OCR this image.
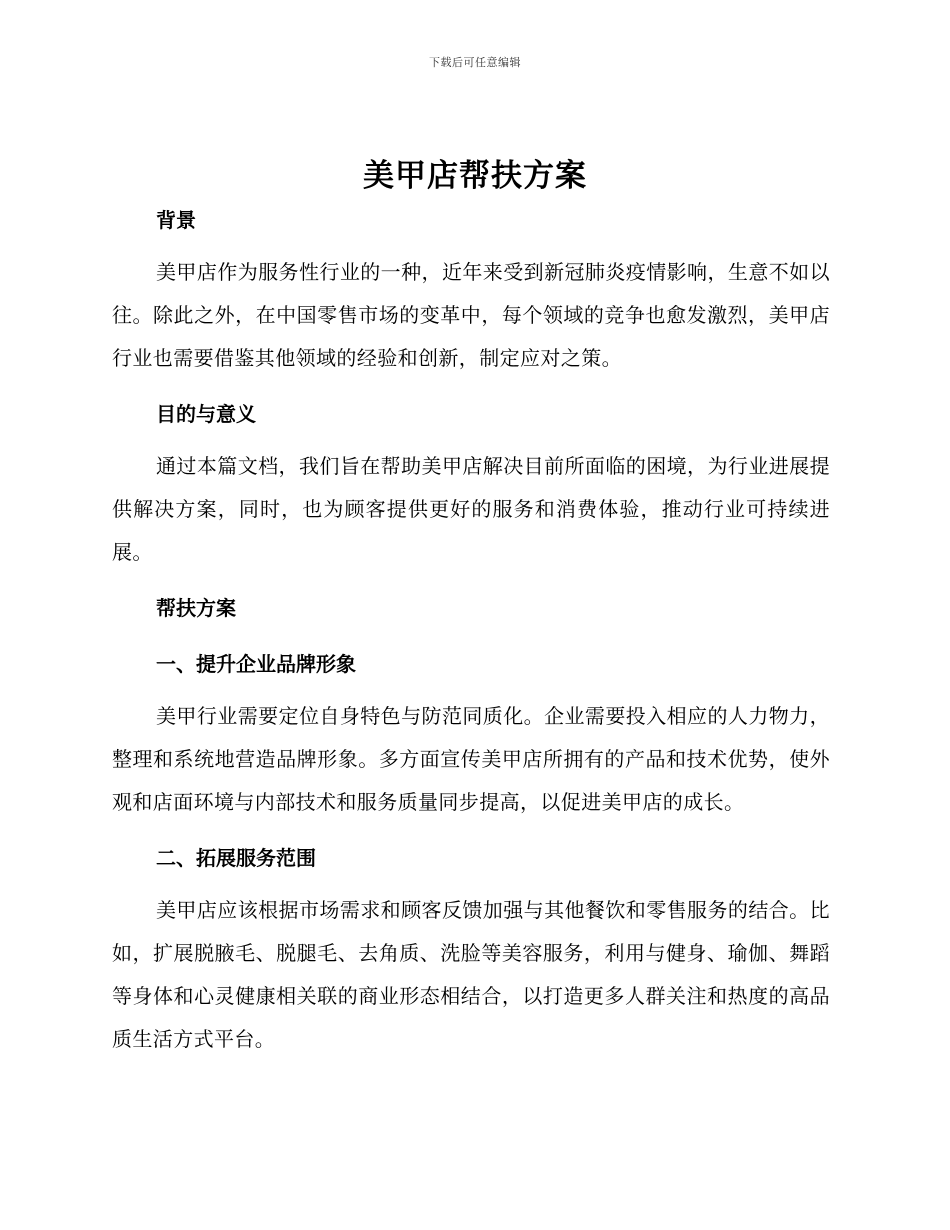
下载后可任意编辑
美甲店帮扶方案
背景

美甲店作为服务性行业的一种，近年来受到新冠肺炎疫情影响，生意不如以往。除此之外，在中国零售市场的变革中，每个领域的竞争也愈发激烈，美甲店行业也需要借鉴其他领域的经验和创新，制定应对之策。

目的与意义

通过本篇文档，我们旨在帮助美甲店解决目前所面临的困境，为行业进展提供解决方案，同时，也为顾客提供更好的服务和消费体验，推动行业可持续进展。

帮扶方案
一、提升企业品牌形象

美甲行业需要定位自身特色与防范同质化。企业需要投入相应的人力物力，整理和系统地营造品牌形象。多方面宣传美甲店所拥有的产品和技术优势，使外观和店面环境与内部技术和服务质量同步提高，以促进美甲店的成长。

二、拓展服务范围

美甲店应该根据市场需求和顾客反馈加强与其他餐饮和零售服务的结合。比如，扩展脱腋毛、脱腿毛、去角质、洗脸等美容服务，利用与健身、瑜伽、舞蹈等身体和心灵健康相关联的商业形态相结合，以打造更多人群关注和热度的高品质生活方式平台。
